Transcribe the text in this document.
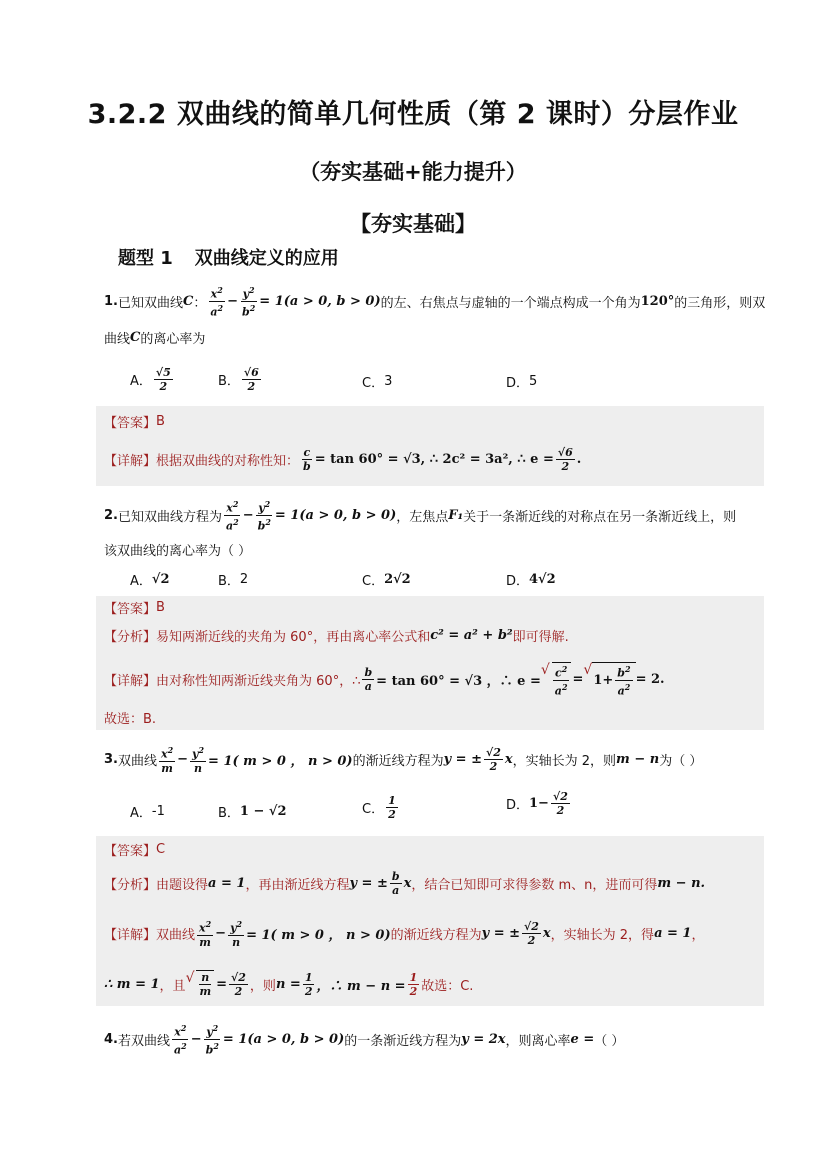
3.2.2 双曲线的简单几何性质（第 2 课时）分层作业
（夯实基础+能力提升）
【夯实基础】
题型 1 双曲线定义的应用
1. 已知双曲线 C ： $\frac{x^2}{a^2} - \frac{y^2}{b^2} = 1(a > 0$, b > 0) 的左、右焦点与虚轴的一个端点构成一个角为 120° 的三角形，则双
曲线 C 的离心率为
A． $\frac{√5}{2}$	B． $\frac{√6}{2}$	C． 3	D． 5
【答案】 B
【详解】 根据双曲线的对称性知： $\frac{c}{b} = \tan 60^\circ = √3$, ∴ 2c² = 3a², ∴ $e = \frac{√6}{2}$ .
2. 已知双曲线方程为 $\frac{x^2}{a^2} - \frac{y^2}{b^2} = 1(a > 0$, b > 0) ，左焦点 F₁ 关于一条渐近线的对称点在另一条渐近线上，则
该双曲线的离心率为（ ）
A． √2	B． 2	C． 2√2	D． 4√2
【答案】 B
【分析】 易知两渐近线的夹角为 60°，再由离心率公式和 c² = a² + b² 即可得解.
【详解】 由对称性知两渐近线夹角为 60°，∴ $\frac{b}{a} = \tan 60^\circ = √3$ ，∴ e =
√ $\frac{c^2}{a^2}$ =
√
$1+ \frac{b^2}{a^2} = 2$.
故选：B.
3. 双曲线 $\frac{x^2}{m} - \frac{y^2}{n} = 1$( m > 0 ， n > 0) 的渐近线方程为 y = ± $\frac{√2}{2}$ x ，实轴长为 2，则 m − n 为（ ）
A． -1	B． 1 − √2	C． $\frac{1}{2}$	D． $1- \frac{√2}{2}$
【答案】 C
【分析】 由题设得 a = 1 ，再由渐近线方程 y = ± $\frac{b}{a}$ x ，结合已知即可求得参数 m、n，进而可得 m − n.
【详解】 双曲线 $\frac{x^2}{m} - \frac{y^2}{n} = 1$( m > 0 ， n > 0) 的渐近线方程为 y = ± $\frac{√2}{2}$ x ，实轴长为 2，得 a = 1 ，
∴ m = 1 ，且 √ $\frac{n}{m} = \frac{√2}{2}$ ，则 $n = \frac{1}{2}$ ，∴ $m - n = \frac{1}{2}$ 故选：C.
4. 若双曲线 $\frac{x^2}{a^2} - \frac{y^2}{b^2} = 1(a > 0$, b > 0) 的一条渐近线方程为 y = 2x ，则离心率 e = （ ）
